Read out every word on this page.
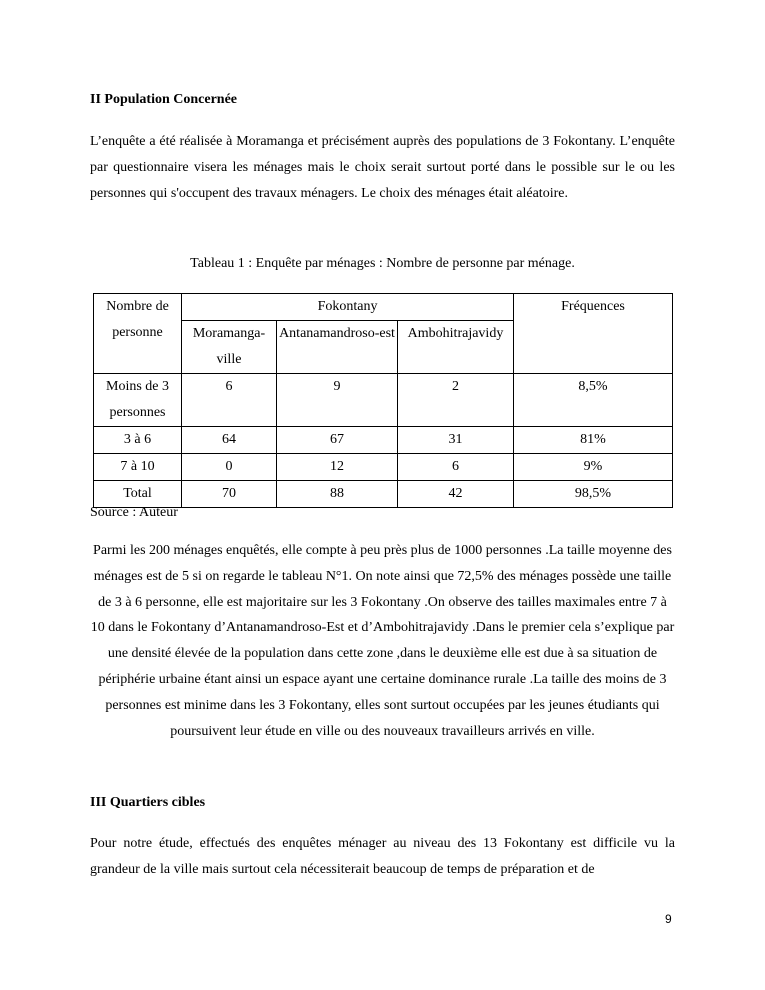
II Population Concernée

L’enquête a été réalisée à Moramanga et précisément auprès des populations de 3 Fokontany. L’enquête par questionnaire visera les ménages mais le choix serait surtout porté dans le possible sur le ou les personnes qui s'occupent des travaux ménagers. Le choix des ménages était aléatoire.

Tableau 1 : Enquête par ménages : Nombre de personne par ménage.

Nombre de personne	Fokontany			Fréquences
	Moramanga-ville	Antanamandroso-est	Ambohitrajavidy	
Moins de 3 personnes	6	9	2	8,5%
3 à 6	64	67	31	81%
7 à 10	0	12	6	9%
Total	70	88	42	98,5%

Source : Auteur

Parmi les 200 ménages enquêtés, elle compte à peu près plus de 1000 personnes .La taille moyenne des ménages est de 5 si on regarde le tableau N°1. On note ainsi que 72,5% des ménages possède une taille de 3 à 6 personne, elle est majoritaire sur les 3 Fokontany .On observe des tailles maximales entre 7 à 10 dans le Fokontany d’Antanamandroso-Est et d’Ambohitrajavidy .Dans le premier cela s’explique par une densité élevée de la population dans cette zone ,dans le deuxième elle est due à sa situation de périphérie urbaine étant ainsi un espace ayant une certaine dominance rurale .La taille des moins de 3 personnes est minime dans les 3 Fokontany, elles sont surtout occupées par les jeunes étudiants qui poursuivent leur étude en ville ou des nouveaux travailleurs arrivés en ville.

III Quartiers cibles

Pour notre étude, effectués des enquêtes ménager au niveau des 13 Fokontany est difficile vu la grandeur de la ville mais surtout cela nécessiterait beaucoup de temps de préparation et de

9
